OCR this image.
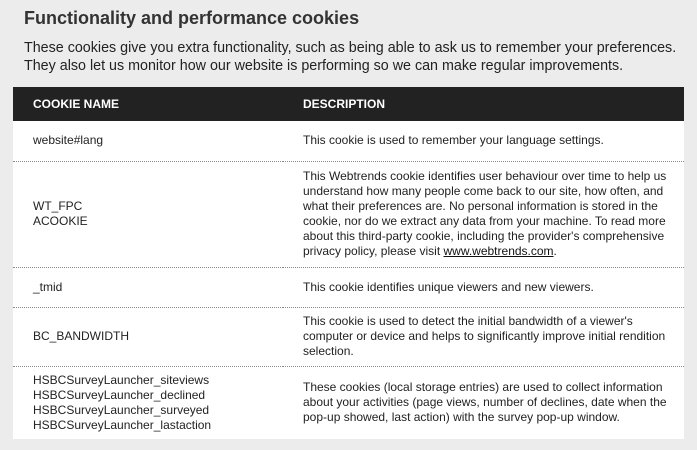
Functionality and performance cookies

These cookies give you extra functionality, such as being able to ask us to remember your preferences. They also let us monitor how our website is performing so we can make regular improvements.

COOKIE NAME	DESCRIPTION

website#lang	This cookie is used to remember your language settings.

WT_FPC
ACOOKIE	This Webtrends cookie identifies user behaviour over time to help us understand how many people come back to our site, how often, and what their preferences are. No personal information is stored in the cookie, nor do we extract any data from your machine. To read more about this third-party cookie, including the provider's comprehensive privacy policy, please visit www.webtrends.com.

_tmid	This cookie identifies unique viewers and new viewers.

BC_BANDWIDTH	This cookie is used to detect the initial bandwidth of a viewer's computer or device and helps to significantly improve initial rendition selection.

HSBCSurveyLauncher_siteviews
HSBCSurveyLauncher_declined
HSBCSurveyLauncher_surveyed
HSBCSurveyLauncher_lastaction	These cookies (local storage entries) are used to collect information about your activities (page views, number of declines, date when the pop-up showed, last action) with the survey pop-up window.
